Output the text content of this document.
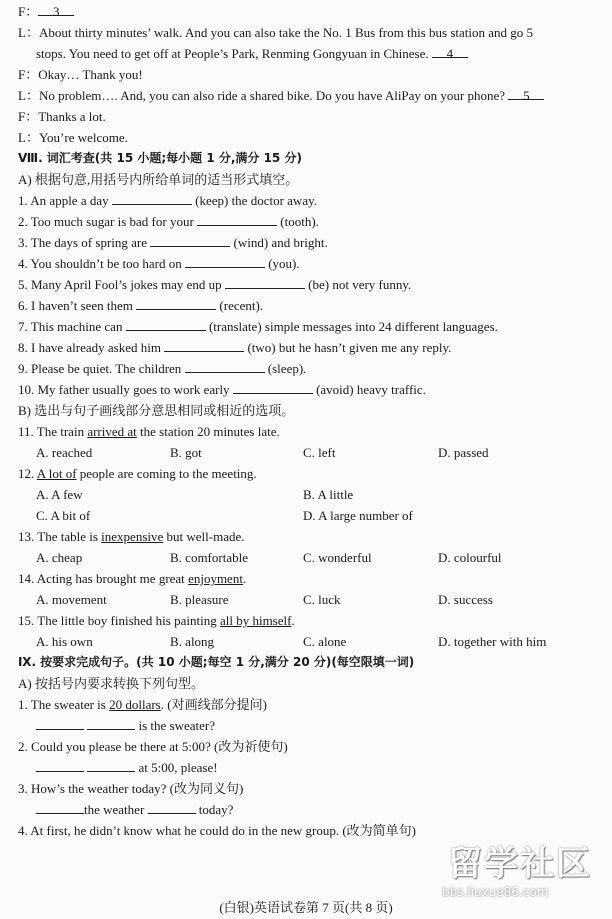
F： 3
L：About thirty minutes’ walk. And you can also take the No. 1 Bus from this bus station and go 5
stops. You need to get off at People’s Park, Renming Gongyuan in Chinese. 4
F：Okay… Thank you!
L：No problem…. And, you can also ride a shared bike. Do you have AliPay on your phone? 5
F：Thanks a lot.
L：You’re welcome.
Ⅷ. 词汇考查(共 15 小题;每小题 1 分,满分 15 分)
A) 根据句意,用括号内所给单词的适当形式填空。
1. An apple a day	(keep) the doctor away.
2. Too much sugar is bad for your	(tooth).
3. The days of spring are	(wind) and bright.
4. You shouldn’t be too hard on	(you).
5. Many April Fool’s jokes may end up	(be) not very funny.
6. I haven’t seen them	(recent).
7. This machine can	(translate) simple messages into 24 different languages.
8. I have already asked him	(two) but he hasn’t given me any reply.
9. Please be quiet. The children	(sleep).
10. My father usually goes to work early	(avoid) heavy traffic.
B) 选出与句子画线部分意思相同或相近的选项。
11. The train arrived at the station 20 minutes late.
A. reached	B. got	C. left	D. passed
12. A lot of people are coming to the meeting.
A. A few	B. A little
C. A bit of	D. A large number of
13. The table is inexpensive but well-made.
A. cheap	B. comfortable	C. wonderful	D. colourful
14. Acting has brought me great enjoyment.
A. movement	B. pleasure	C. luck	D. success
15. The little boy finished his painting all by himself.
A. his own	B. along	C. alone	D. together with him
Ⅸ. 按要求完成句子。(共 10 小题;每空 1 分,满分 20 分)(每空限填一词)
A) 按括号内要求转换下列句型。
1. The sweater is 20 dollars. (对画线部分提问)
is the sweater?
2. Could you please be there at 5:00? (改为祈使句)
at 5:00, please!
3. How’s the weather today? (改为同义句)
the weather	today?
4. At first, he didn’t know what he could do in the new group. (改为简单句)
留学社区
bbs.liuxue86.com
(白银)英语试卷第 7 页(共 8 页)
